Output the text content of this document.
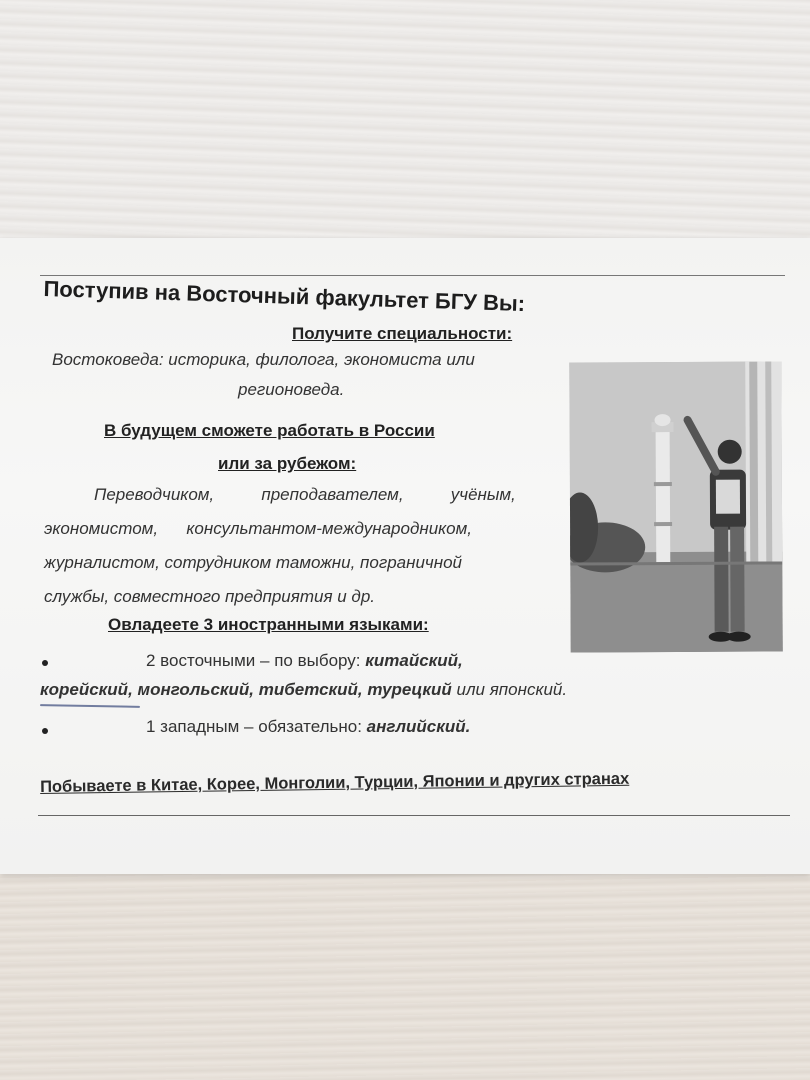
Поступив на Восточный факультет БГУ Вы:
Получите специальности:
Востоковеда: историка, филолога, экономиста или
регионоведа.
В будущем сможете работать в России
или за рубежом:
Переводчиком,          преподавателем,          учёным,
экономистом,      консультантом-международником,
журналистом, сотрудником таможни, пограничной
службы, совместного предприятия и др.
Овладеете 3 иностранными языками:
2 восточными – по выбору: китайский,
корейский, монгольский, тибетский, турецкий или японский.
1 западным – обязательно: английский.
Побываете в Китае, Корее, Монголии, Турции, Японии и других странах
